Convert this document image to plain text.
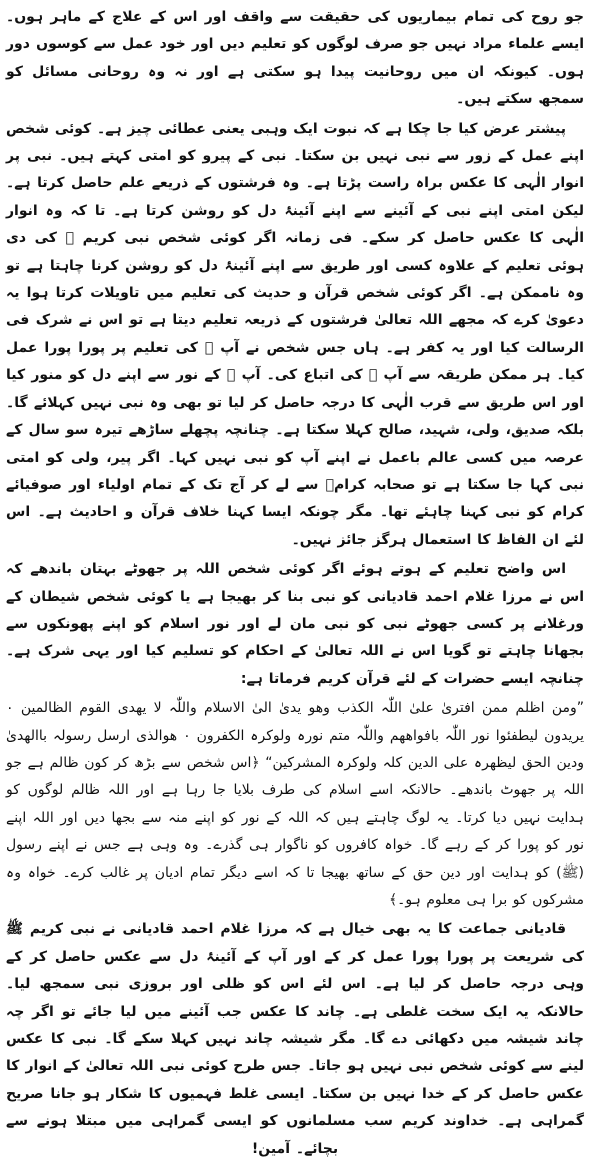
جو روح کی تمام بیماریوں کی حقیقت سے واقف اور اس کے علاج کے ماہر ہوں۔ایسے علماء مراد نہیں جو صرف لوگوں کو تعلیم دیں اور خود عمل سے کوسوں دور ہوں۔ کیونکہ ان میں روحانیت پیدا ہو سکتی ہے اور نہ وہ روحانی مسائل کو سمجھ سکتے ہیں۔

پیشتر عرض کیا جا چکا ہے کہ نبوت ایک وہبی یعنی عطائی چیز ہے۔ کوئی شخص اپنے عمل کے زور سے نبی نہیں بن سکتا۔ نبی کے پیرو کو امتی کہتے ہیں۔ نبی پر انوار الٰہی کا عکس براہ راست پڑتا ہے۔ وہ فرشتوں کے ذریعے علم حاصل کرتا ہے۔ لیکن امتی اپنے نبی کے آئینے سے اپنے آئینۂ دل کو روشن کرتا ہے۔ تا کہ وہ انوار الٰہی کا عکس حاصل کر سکے۔ فی زمانہ اگر کوئی شخص نبی کریم ﷺ کی دی ہوئی تعلیم کے علاوہ کسی اور طریق سے اپنے آئینۂ دل کو روشن کرنا چاہتا ہے تو وہ ناممکن ہے۔ اگر کوئی شخص قرآن و حدیث کی تعلیم میں تاویلات کرتا ہوا یہ دعویٰ کرے کہ مجھے اللہ تعالیٰ فرشتوں کے ذریعہ تعلیم دیتا ہے تو اس نے شرک فی الرسالت کیا اور یہ کفر ہے۔ ہاں جس شخص نے آپ ﷺ کی تعلیم پر پورا پورا عمل کیا۔ ہر ممکن طریقہ سے آپ ﷺ کی اتباع کی۔ آپ ﷺ کے نور سے اپنے دل کو منور کیا اور اس طریق سے قرب الٰہی کا درجہ حاصل کر لیا تو بھی وہ نبی نہیں کہلائے گا۔ بلکہ صدیق، ولی، شہید، صالح کہلا سکتا ہے۔ چنانچہ پچھلے ساڑھے تیرہ سو سال کے عرصہ میں کسی عالم باعمل نے اپنے آپ کو نبی نہیں کہا۔ اگر پیر، ولی کو امتی نبی کہا جا سکتا ہے تو صحابہ کرامؓ سے لے کر آج تک کے تمام اولیاء اور صوفیائے کرام کو نبی کہنا چاہئے تھا۔ مگر چونکہ ایسا کہنا خلاف قرآن و احادیث ہے۔ اس لئے ان الفاظ کا استعمال ہرگز جائز نہیں۔

اس واضح تعلیم کے ہوتے ہوئے اگر کوئی شخص اللہ پر جھوٹے بہتان باندھے کہ اس نے مرزا غلام احمد قادیانی کو نبی بنا کر بھیجا ہے یا کوئی شخص شیطان کے ورغلانے پر کسی جھوٹے نبی کو نبی مان لے اور نور اسلام کو اپنے پھونکوں سے بجھانا چاہتے تو گویا اس نے اللہ تعالیٰ کے احکام کو تسلیم کیا اور یہی شرک ہے۔ چنانچہ ایسے حضرات کے لئے قرآن کریم فرماتا ہے:

”ومن اظلم ممن افتریٰ علیٰ اللّٰہ الکذب وھو یدیٰ الیٰ الاسلام واللّٰہ لا یھدی القوم الظالمین ۰ یریدون لیطفئوا نور اللّٰہ بافواھھم واللّٰہ متم نورہ ولوکرہ الکفرون ۰ ھوالذی ارسل رسولہ باالھدیٰ ودین الحق لیظھرہ علی الدین کلہ ولوکرہ المشرکین“ ﴿اس شخص سے بڑھ کر کون ظالم ہے جو اللہ پر جھوٹ باندھے۔ حالانکہ اسے اسلام کی طرف بلایا جا رہا ہے اور اللہ ظالم لوگوں کو ہدایت نہیں دیا کرتا۔ یہ لوگ چاہتے ہیں کہ اللہ کے نور کو اپنے منہ سے بجھا دیں اور اللہ اپنے نور کو پورا کر کے رہے گا۔ خواہ کافروں کو ناگوار ہی گذرے۔ وہ وہی ہے جس نے اپنے رسول (ﷺ) کو ہدایت اور دین حق کے ساتھ بھیجا تا کہ اسے دیگر تمام ادیان پر غالب کرے۔ خواہ وہ مشرکوں کو برا ہی معلوم ہو۔﴾

قادیانی جماعت کا یہ بھی خیال ہے کہ مرزا غلام احمد قادیانی نے نبی کریم ﷺ کی شریعت پر پورا پورا عمل کر کے اور آپ کے آئینۂ دل سے عکس حاصل کر کے وہی درجہ حاصل کر لیا ہے۔ اس لئے اس کو ظلی اور بروزی نبی سمجھ لیا۔ حالانکہ یہ ایک سخت غلطی ہے۔ چاند کا عکس جب آئینے میں لیا جائے تو اگر چہ چاند شیشہ میں دکھائی دے گا۔ مگر شیشہ چاند نہیں کہلا سکے گا۔ نبی کا عکس لینے سے کوئی شخص نبی نہیں ہو جاتا۔ جس طرح کوئی نبی اللہ تعالیٰ کے انوار کا عکس حاصل کر کے خدا نہیں بن سکتا۔ ایسی غلط فہمیوں کا شکار ہو جانا صریح گمراہی ہے۔ خداوند کریم سب مسلمانوں کو ایسی گمراہی میں مبتلا ہونے سے بچائے۔ آمین!
